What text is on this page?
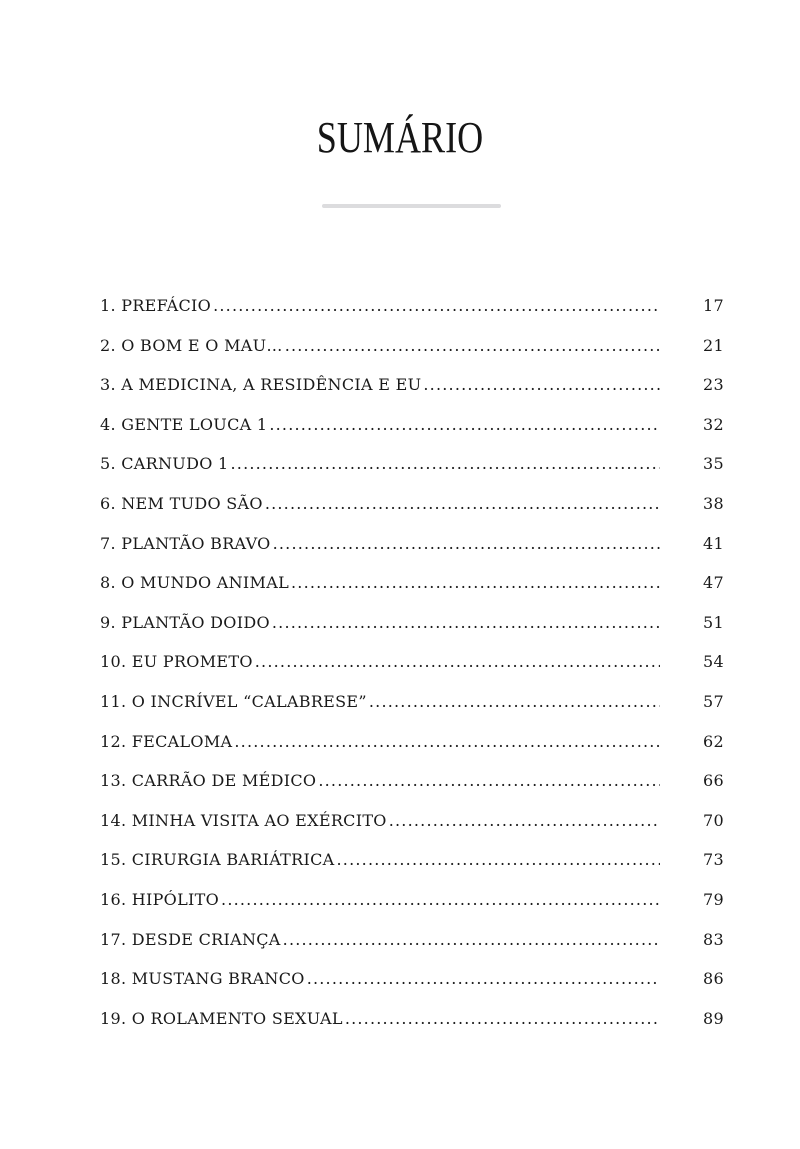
SUMÁRIO
1. PREFÁCIO .....	17
2. O BOM E O MAU… .....	21
3. A MEDICINA, A RESIDÊNCIA E EU .....	23
4. GENTE LOUCA 1 .....	32
5. CARNUDO 1 .....	35
6. NEM TUDO SÃO .....	38
7. PLANTÃO BRAVO .....	41
8. O MUNDO ANIMAL .....	47
9. PLANTÃO DOIDO .....	51
10. EU PROMETO .....	54
11. O INCRÍVEL “CALABRESE” .....	57
12. FECALOMA .....	62
13. CARRÃO DE MÉDICO .....	66
14. MINHA VISITA AO EXÉRCITO .....	70
15. CIRURGIA BARIÁTRICA .....	73
16. HIPÓLITO .....	79
17. DESDE CRIANÇA .....	83
18. MUSTANG BRANCO .....	86
19. O ROLAMENTO SEXUAL .....	89
